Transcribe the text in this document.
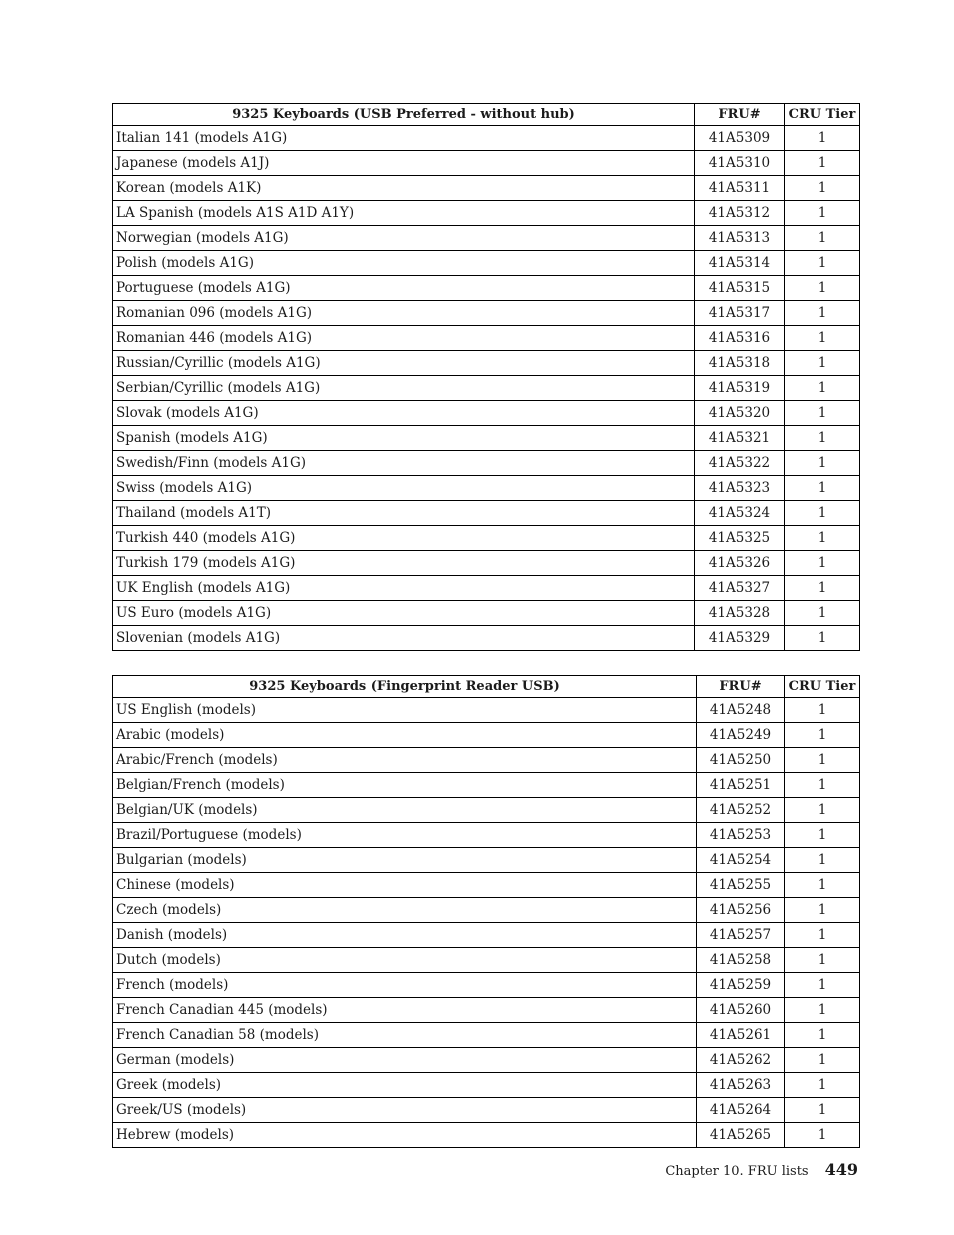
9325 Keyboards (USB Preferred - without hub)	FRU#	CRU Tier
Italian 141 (models A1G)	41A5309	1
Japanese (models A1J)	41A5310	1
Korean (models A1K)	41A5311	1
LA Spanish (models A1S A1D A1Y)	41A5312	1
Norwegian (models A1G)	41A5313	1
Polish (models A1G)	41A5314	1
Portuguese (models A1G)	41A5315	1
Romanian 096 (models A1G)	41A5317	1
Romanian 446 (models A1G)	41A5316	1
Russian/Cyrillic (models A1G)	41A5318	1
Serbian/Cyrillic (models A1G)	41A5319	1
Slovak (models A1G)	41A5320	1
Spanish (models A1G)	41A5321	1
Swedish/Finn (models A1G)	41A5322	1
Swiss (models A1G)	41A5323	1
Thailand (models A1T)	41A5324	1
Turkish 440 (models A1G)	41A5325	1
Turkish 179 (models A1G)	41A5326	1
UK English (models A1G)	41A5327	1
US Euro (models A1G)	41A5328	1
Slovenian (models A1G)	41A5329	1
9325 Keyboards (Fingerprint Reader USB)	FRU#	CRU Tier
US English (models)	41A5248	1
Arabic (models)	41A5249	1
Arabic/French (models)	41A5250	1
Belgian/French (models)	41A5251	1
Belgian/UK (models)	41A5252	1
Brazil/Portuguese (models)	41A5253	1
Bulgarian (models)	41A5254	1
Chinese (models)	41A5255	1
Czech (models)	41A5256	1
Danish (models)	41A5257	1
Dutch (models)	41A5258	1
French (models)	41A5259	1
French Canadian 445 (models)	41A5260	1
French Canadian 58 (models)	41A5261	1
German (models)	41A5262	1
Greek (models)	41A5263	1
Greek/US (models)	41A5264	1
Hebrew (models)	41A5265	1
Chapter 10. FRU lists 449
